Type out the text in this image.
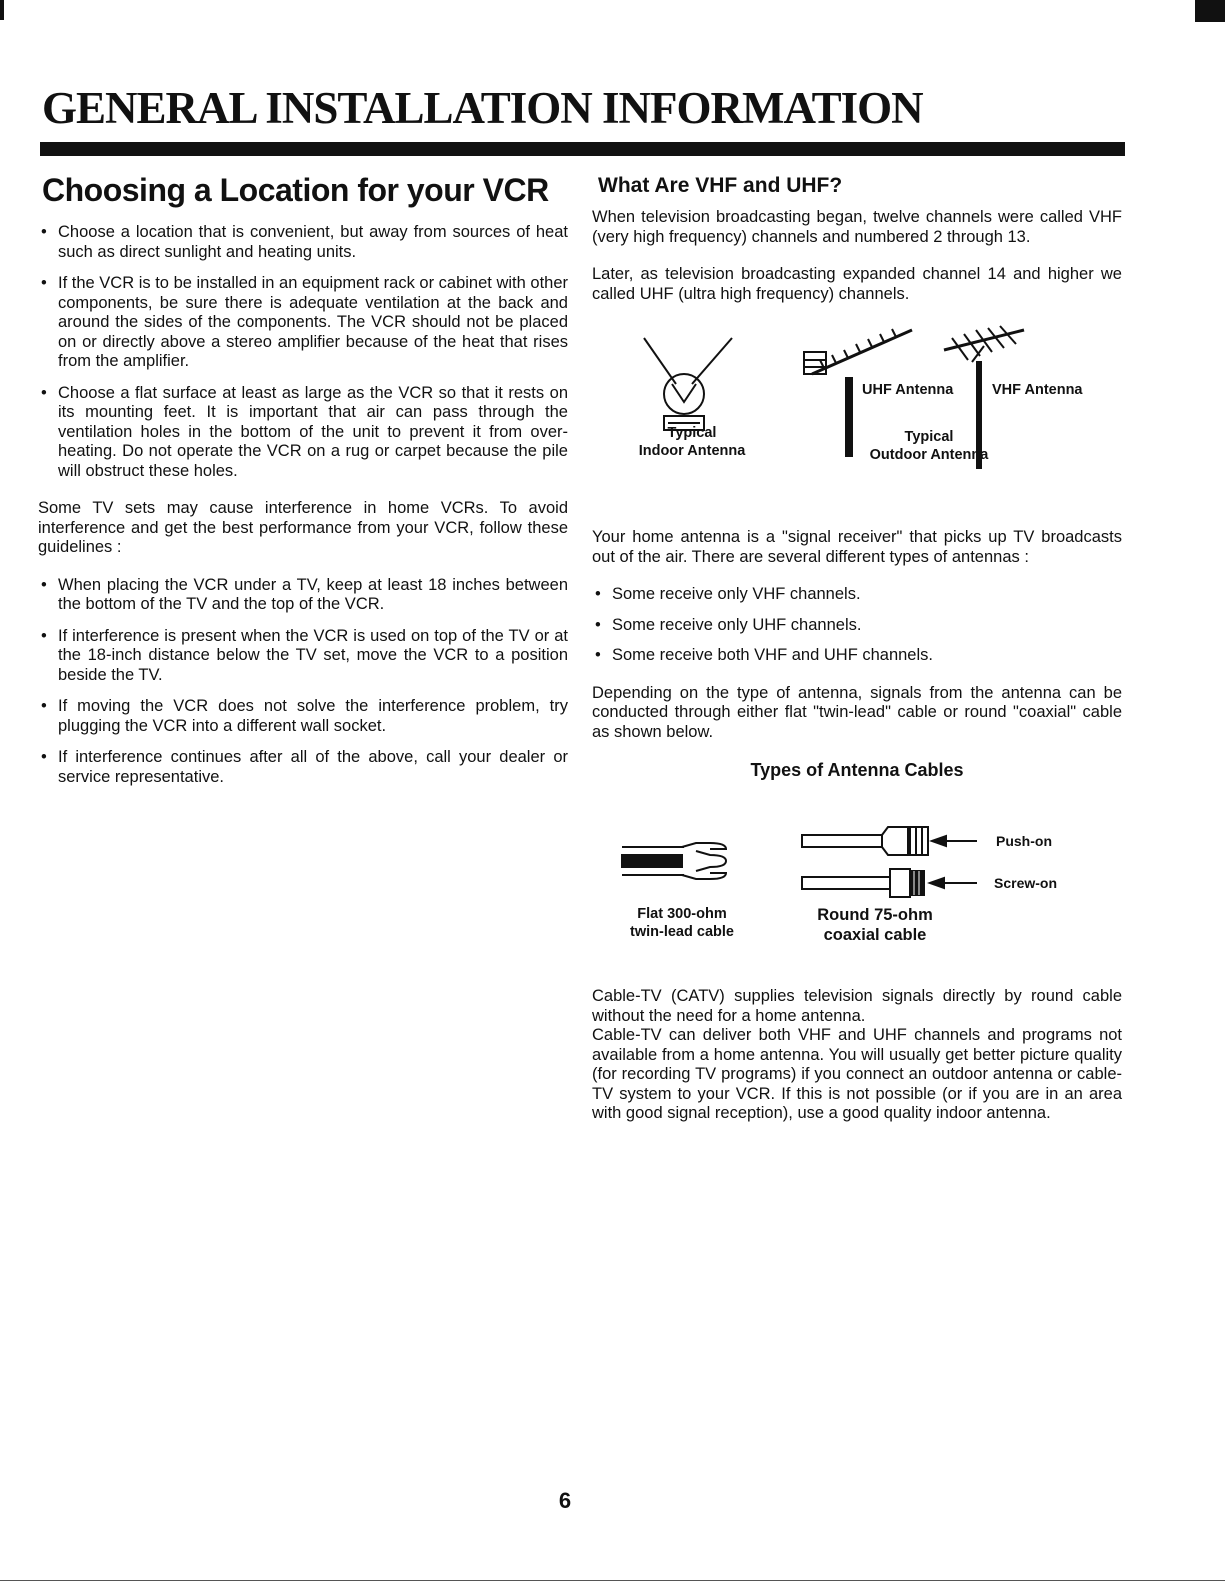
GENERAL INSTALLATION INFORMATION
Choosing a Location for your VCR
• Choose a location that is convenient, but away from sources of heat such as direct sunlight and heating units.
• If the VCR is to be installed in an equipment rack or cabinet with other components, be sure there is adequate ventilation at the back and around the sides of the components. The VCR should not be placed on or directly above a stereo amplifier because of the heat that rises from the amplifier.
• Choose a flat surface at least as large as the VCR so that it rests on its mounting feet. It is important that air can pass through the ventilation holes in the bottom of the unit to prevent it from over-heating. Do not operate the VCR on a rug or carpet because the pile will obstruct these holes.

Some TV sets may cause interference in home VCRs. To avoid interference and get the best performance from your VCR, follow these guidelines :

• When placing the VCR under a TV, keep at least 18 inches between the bottom of the TV and the top of the VCR.
• If interference is present when the VCR is used on top of the TV or at the 18-inch distance below the TV set, move the VCR to a position beside the TV.
• If moving the VCR does not solve the interference problem, try plugging the VCR into a different wall socket.
• If interference continues after all of the above, call your dealer or service representative.
What Are VHF and UHF?

When television broadcasting began, twelve channels were called VHF (very high frequency) channels and numbered 2 through 13.

Later, as television broadcasting expanded channel 14 and higher we called UHF (ultra high frequency) channels.

Typical
Indoor Antenna
UHF Antenna	VHF Antenna
Typical
Outdoor Antenna

Your home antenna is a "signal receiver" that picks up TV broadcasts out of the air. There are several different types of antennas :

• Some receive only VHF channels.
• Some receive only UHF channels.
• Some receive both VHF and UHF channels.

Depending on the type of antenna, signals from the antenna can be conducted through either flat "twin-lead" cable or round "coaxial" cable as shown below.

Types of Antenna Cables
Push-on
Screw-on
Flat 300-ohm
twin-lead cable
Round 75-ohm
coaxial cable

Cable-TV (CATV) supplies television signals directly by round cable without the need for a home antenna.

Cable-TV can deliver both VHF and UHF channels and programs not available from a home antenna. You will usually get better picture quality (for recording TV programs) if you connect an outdoor antenna or cable-TV system to your VCR. If this is not possible (or if you are in an area with good signal reception), use a good quality indoor antenna.

6
